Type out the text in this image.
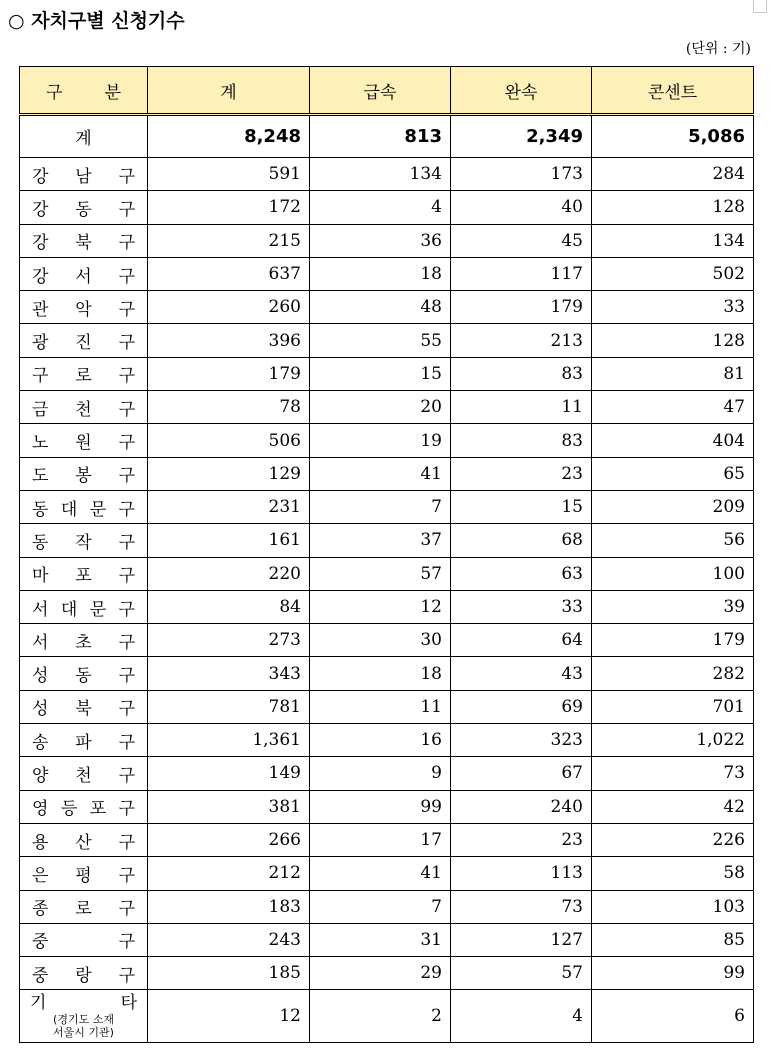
○ 자치구별 신청기수
(단위 : 기)
구 분	계	급속	완속	콘센트
계	8,248	813	2,349	5,086

강 남 구	591	134	173	284

강 동 구	172	4	40	128

강 북 구	215	36	45	134

강 서 구	637	18	117	502

관 악 구	260	48	179	33

광 진 구	396	55	213	128

구 로 구	179	15	83	81

금 천 구	78	20	11	47

노 원 구	506	19	83	404

도 봉 구	129	41	23	65

동 대 문 구	231	7	15	209

동 작 구	161	37	68	56

마 포 구	220	57	63	100

서 대 문 구	84	12	33	39

서 초 구	273	30	64	179

성 동 구	343	18	43	282

성 북 구	781	11	69	701

송 파 구	1,361	16	323	1,022

양 천 구	149	9	67	73

영 등 포 구	381	99	240	42

용 산 구	266	17	23	226

은 평 구	212	41	113	58

종 로 구	183	7	73	103

중 구	243	31	127	85

중 랑 구	185	29	57	99

기 타
(경기도 소재
서울시 기관)	12	2	4	6
